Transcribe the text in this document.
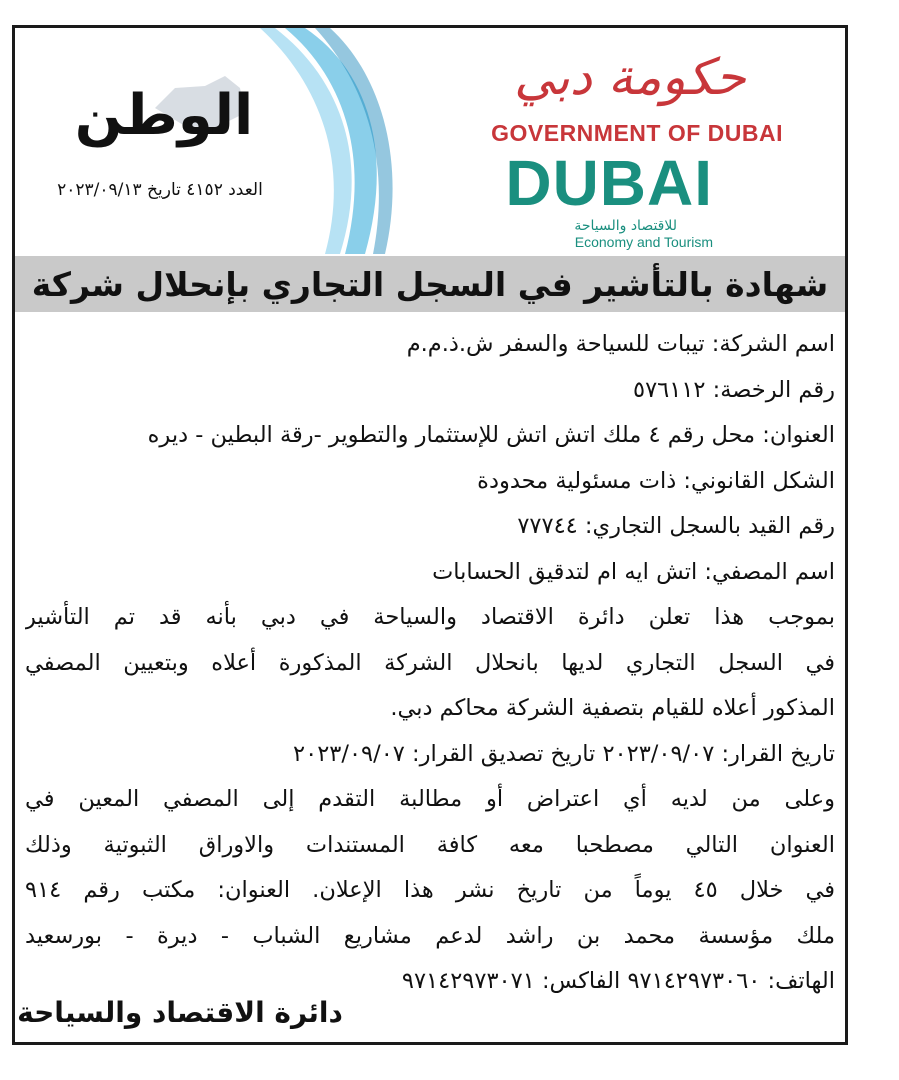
حكومة دبي
GOVERNMENT OF DUBAI
DUBAI
للاقتصاد والسياحة
Economy and Tourism
الوطن
العدد ٤١٥٢ تاريخ ٢٠٢٣/٠٩/١٣
شهادة بالتأشير في السجل التجاري بإنحلال شركة
اسم الشركة: تيبات للسياحة والسفر ش.ذ.م.م
رقم الرخصة: ٥٧٦١١٢
العنوان: محل رقم ٤ ملك اتش اتش للإستثمار والتطوير -رقة البطين - ديره
الشكل القانوني: ذات مسئولية محدودة
رقم القيد بالسجل التجاري: ٧٧٧٤٤
اسم المصفي: اتش ايه ام لتدقيق الحسابات
بموجب هذا تعلن دائرة الاقتصاد والسياحة في دبي بأنه قد تم التأشير
في السجل التجاري لديها بانحلال الشركة المذكورة أعلاه وبتعيين المصفي
المذكور أعلاه للقيام بتصفية الشركة محاكم دبي.
تاريخ القرار: ٢٠٢٣/٠٩/٠٧ تاريخ تصديق القرار: ٢٠٢٣/٠٩/٠٧
وعلى من لديه أي اعتراض أو مطالبة التقدم إلى المصفي المعين في
العنوان التالي مصطحبا معه كافة المستندات والاوراق الثبوتية وذلك
في خلال ٤٥ يوماً من تاريخ نشر هذا الإعلان. العنوان: مكتب رقم ٩١٤
ملك مؤسسة محمد بن راشد لدعم مشاريع الشباب - ديرة - بورسعيد
الهاتف: ٩٧١٤٢٩٧٣٠٦٠ الفاكس: ٩٧١٤٢٩٧٣٠٧١
دائرة الاقتصاد والسياحة
